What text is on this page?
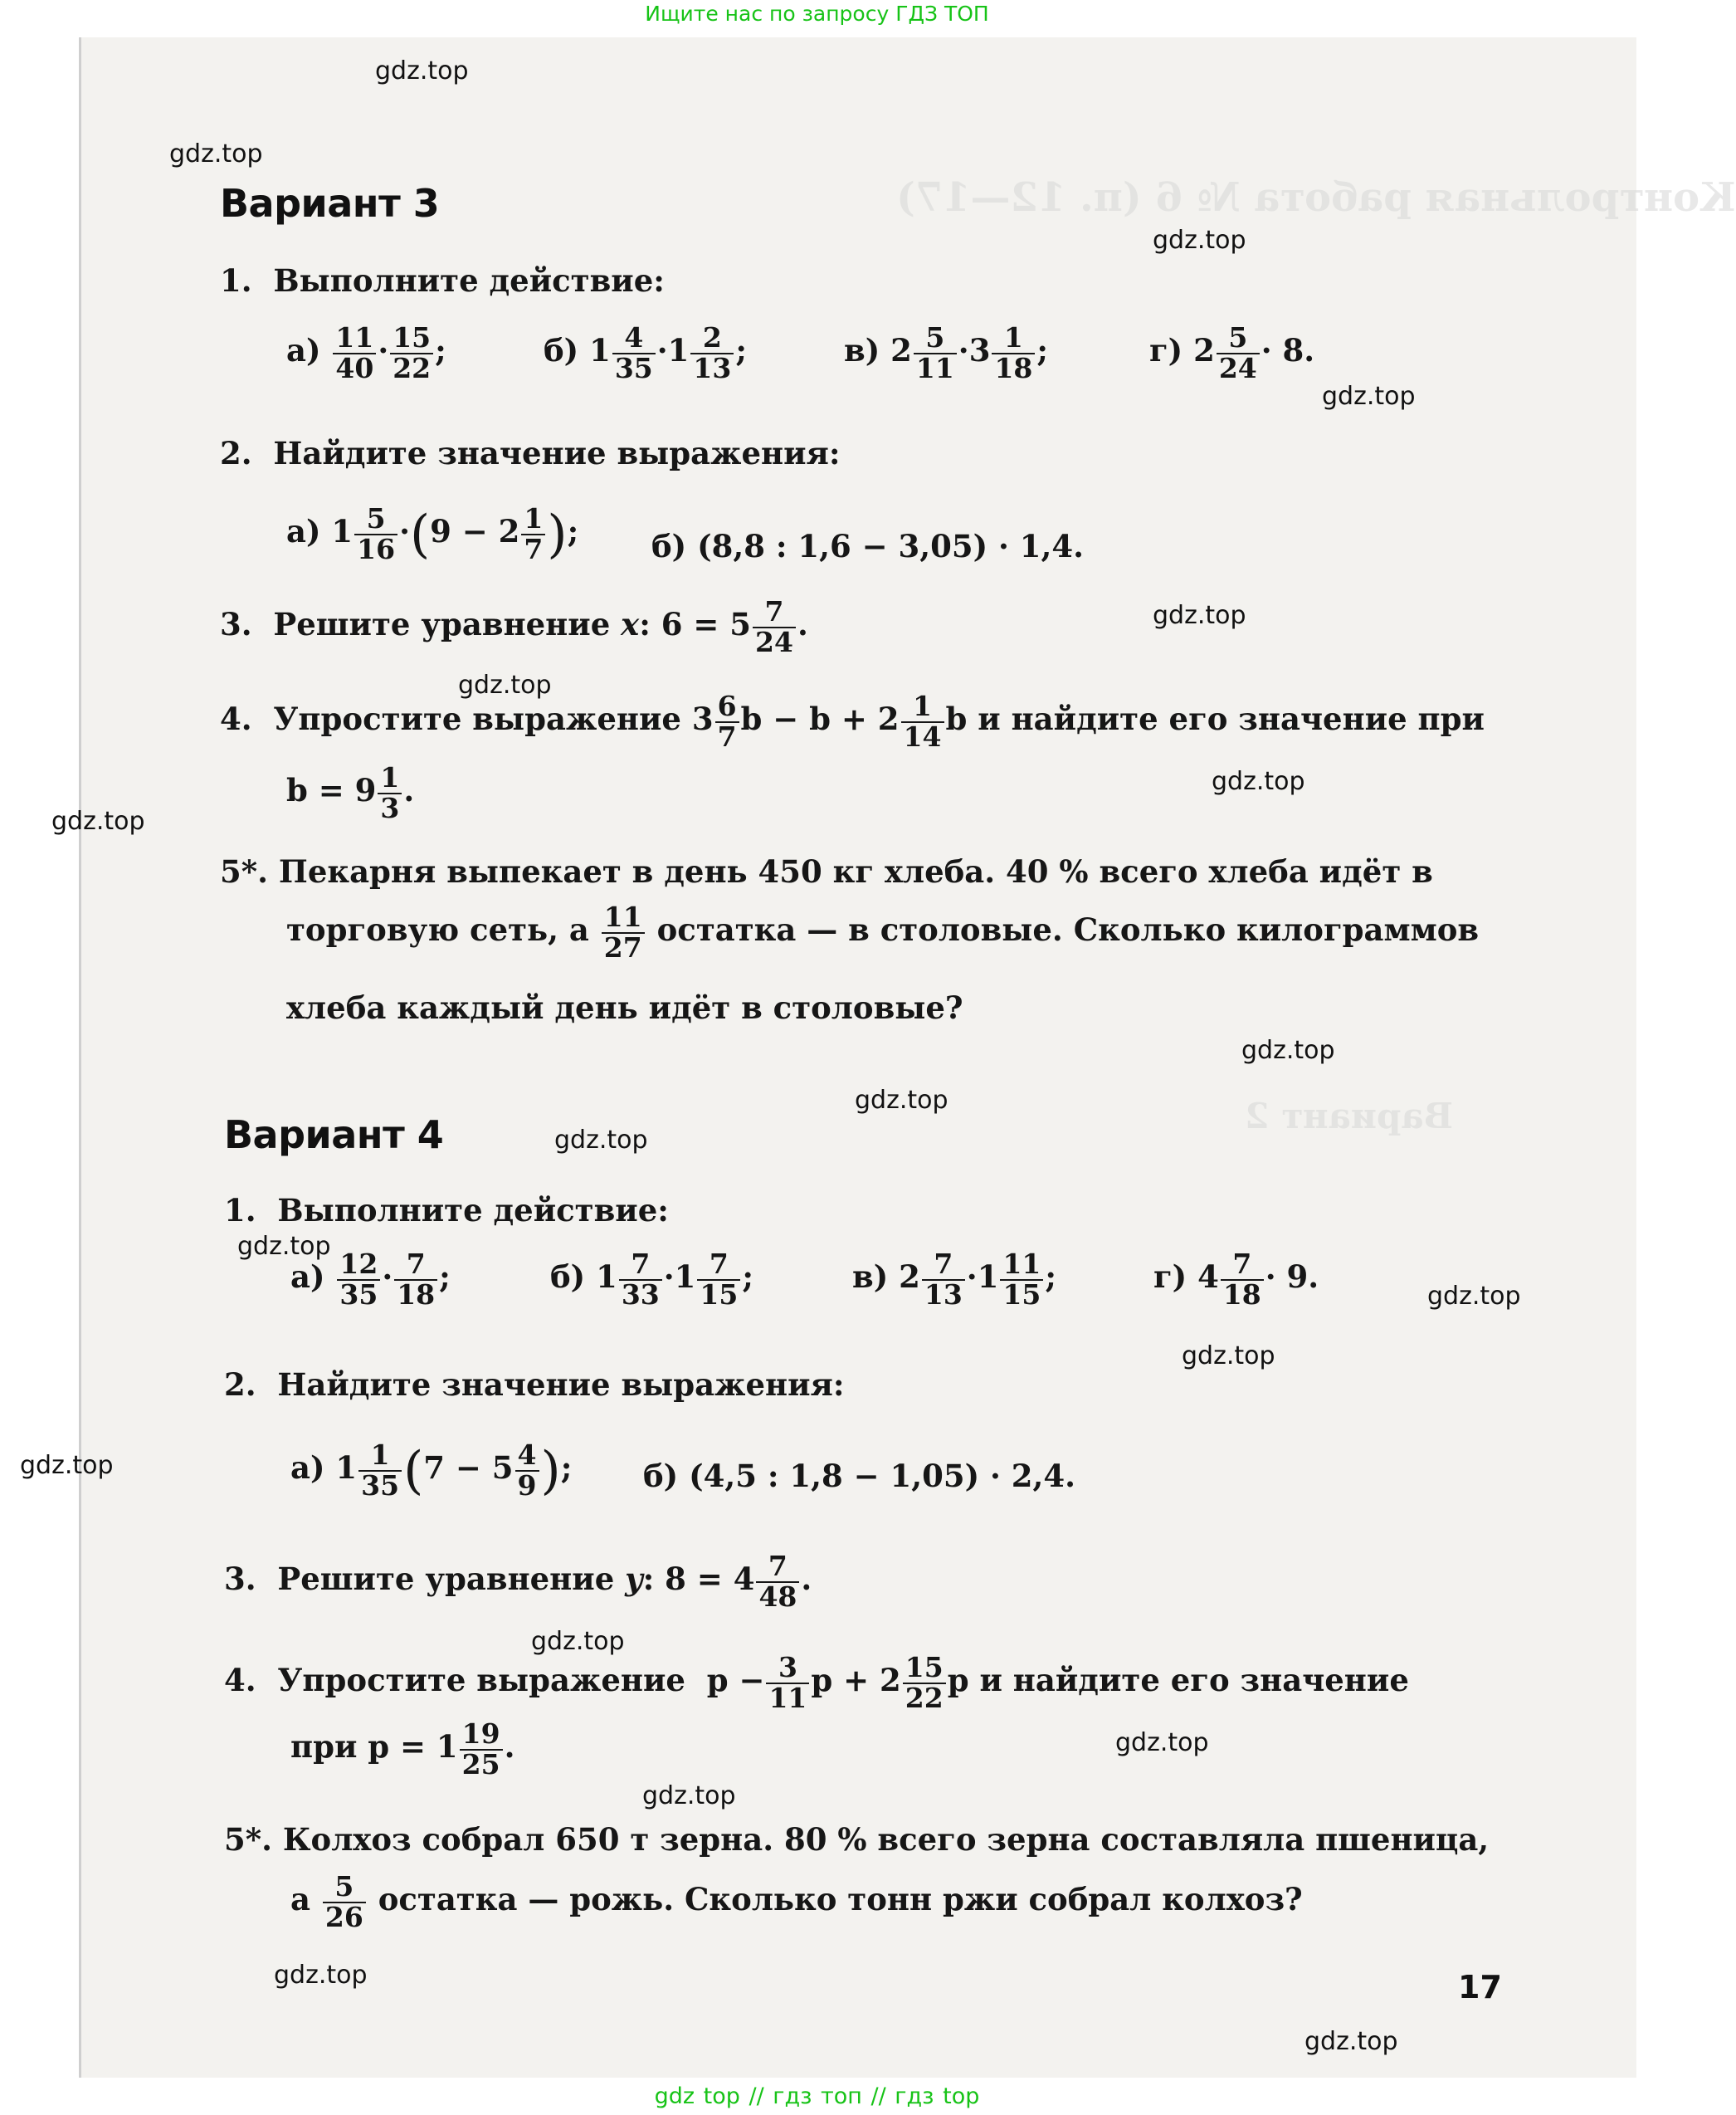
Ищите нас по запросу ГДЗ ТОП
Контрольная работа № 6 (п. 12—17)
Вариант 2
gdz.top
gdz.top
gdz.top
gdz.top
gdz.top
gdz.top
gdz.top
gdz.top
gdz.top
gdz.top
gdz.top
gdz.top
gdz.top
gdz.top
gdz.top
gdz.top
gdz.top
gdz.top
gdz.top
gdz.top
Вариант 3
1. Выполните действие:
$а) \frac{11}{40} \cdot \frac{15}{22}$ ;	б) $1 \frac{4}{35} \cdot 1 \frac{2}{13}$ ;	в) $2 \frac{5}{11} \cdot 3 \frac{1}{18}$ ;	г) $2 \frac{5}{24} \cdot 8$.
2. Найдите значение выражения:
а) $1 \frac{5}{16} \cdot(9 - 2 \frac{1}{7}$ ); б) (8,8 : 1,6 − 3,05) · 1,4.
3. Решите уравнение x: $6 = 5 \frac{7}{24}$ .
4. Упростите выражение $3 \frac{6}{7}$ $b - b + 2 \frac{1}{14}$ b и найдите его значение при
$b = 9 \frac{1}{3}$ .
5*. Пекарня выпекает в день 450 кг хлеба. 40 % всего хлеба идёт в
торговую сеть, а $\frac{11}{27}$ остатка — в столовые. Сколько килограммов
хлеба каждый день идёт в столовые?
Вариант 4
1. Выполните действие:
$а) \frac{12}{35} \cdot \frac{7}{18}$ ;	б) $1 \frac{7}{33} \cdot 1 \frac{7}{15}$ ;	в) $2 \frac{7}{13} \cdot 1 \frac{11}{15}$ ;	г) $4 \frac{7}{18} \cdot 9$.
2. Найдите значение выражения:
а) $1 \frac{1}{35} (7 - 5 \frac{4}{9}$ ); б) (4,5 : 1,8 − 1,05) · 2,4.
3. Решите уравнение y: $8 = 4 \frac{7}{48}$ .
4. Упростите выражение $p - \frac{3}{11}$ $p + 2 \frac{15}{22}$ p и найдите его значение
при $p = 1 \frac{19}{25}$ .
5*. Колхоз собрал 650 т зерна. 80 % всего зерна составляла пшеница,
а $\frac{5}{26}$ остатка — рожь. Сколько тонн ржи собрал колхоз?
17
gdz top // гдз топ // гдз top
